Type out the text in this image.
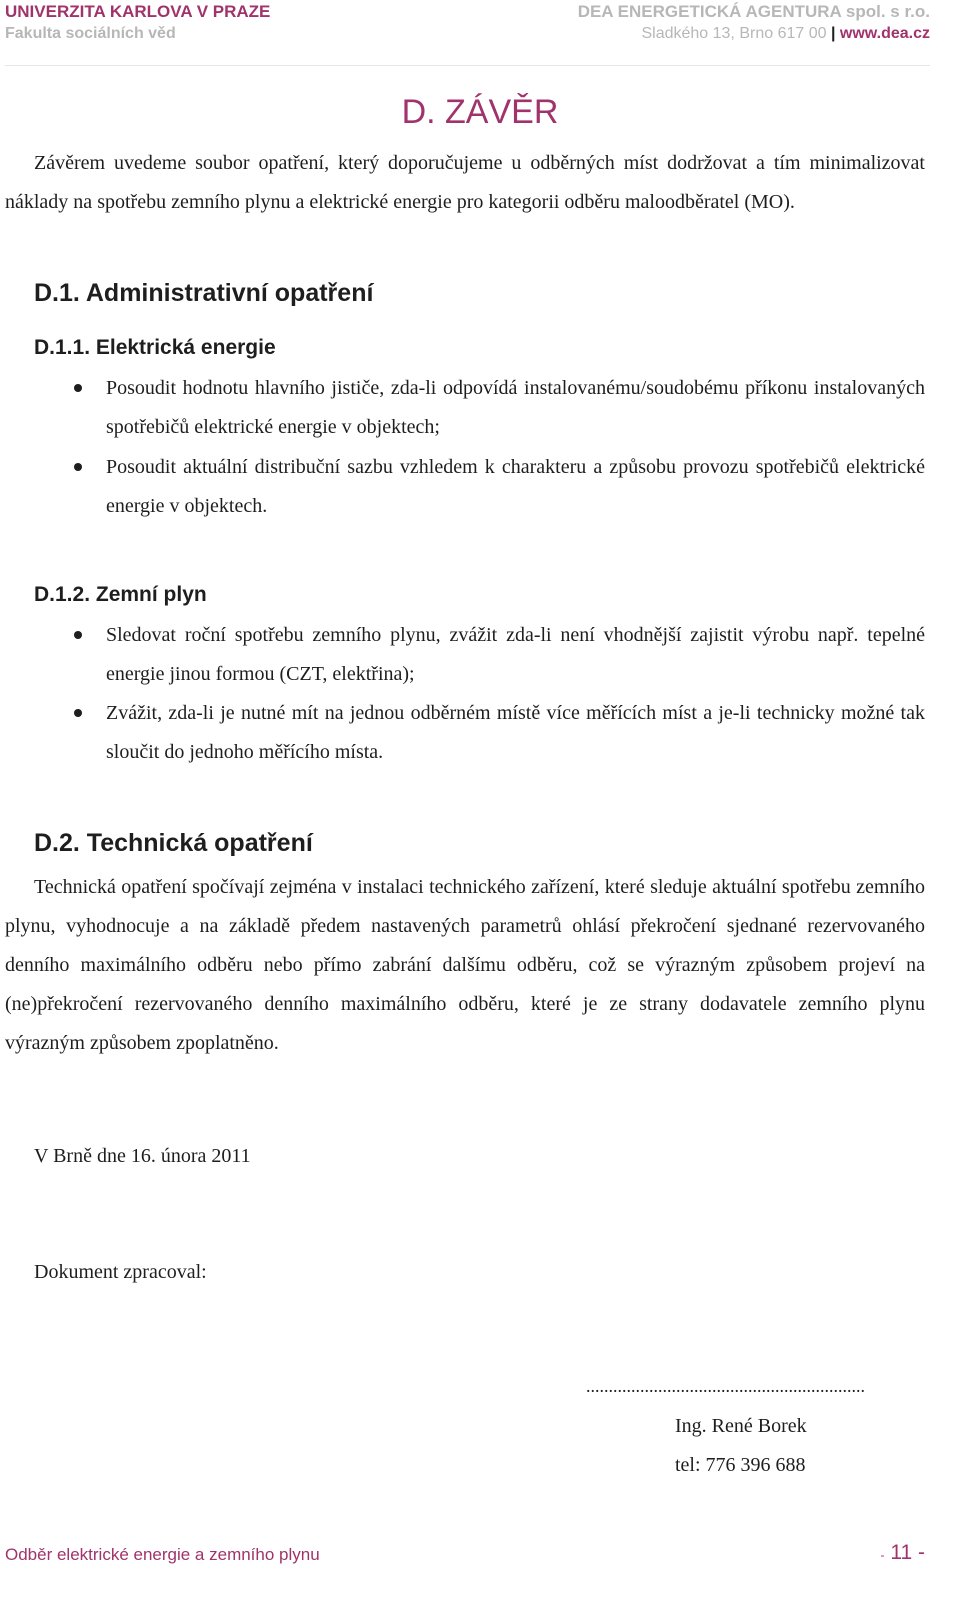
UNIVERZITA KARLOVA V PRAZE
Fakulta sociálních věd
DEA ENERGETICKÁ AGENTURA spol. s r.o.
Sladkého 13, Brno 617 00 | www.dea.cz
D. ZÁVĚR

Závěrem uvedeme soubor opatření, který doporučujeme u odběrných míst dodržovat a tím minimalizovat náklady na spotřebu zemního plynu a elektrické energie pro kategorii odběru maloodběratel (MO).

D.1. Administrativní opatření
D.1.1. Elektrická energie
Posoudit hodnotu hlavního jističe, zda-li odpovídá instalovanému/soudobému příkonu instalovaných spotřebičů elektrické energie v objektech;
Posoudit aktuální distribuční sazbu vzhledem k charakteru a způsobu provozu spotřebičů elektrické energie v objektech.
D.1.2. Zemní plyn
Sledovat roční spotřebu zemního plynu, zvážit zda-li není vhodnější zajistit výrobu např. tepelné energie jinou formou (CZT, elektřina);
Zvážit, zda-li je nutné mít na jednou odběrném místě více měřících míst a je-li technicky možné tak sloučit do jednoho měřícího místa.
D.2. Technická opatření

Technická opatření spočívají zejména v instalaci technického zařízení, které sleduje aktuální spotřebu zemního plynu, vyhodnocuje a na základě předem nastavených parametrů ohlásí překročení sjednané rezervovaného denního maximálního odběru nebo přímo zabrání dalšímu odběru, což se výrazným způsobem projeví na (ne)překročení rezervovaného denního maximálního odběru, které je ze strany dodavatele zemního plynu výrazným způsobem zpoplatněno.

V Brně dne 16. února 2011
Dokument zpracoval:
..............................................................
Ing. René Borek
tel: 776 396 688
Odběr elektrické energie a zemního plynu	- 11 -
